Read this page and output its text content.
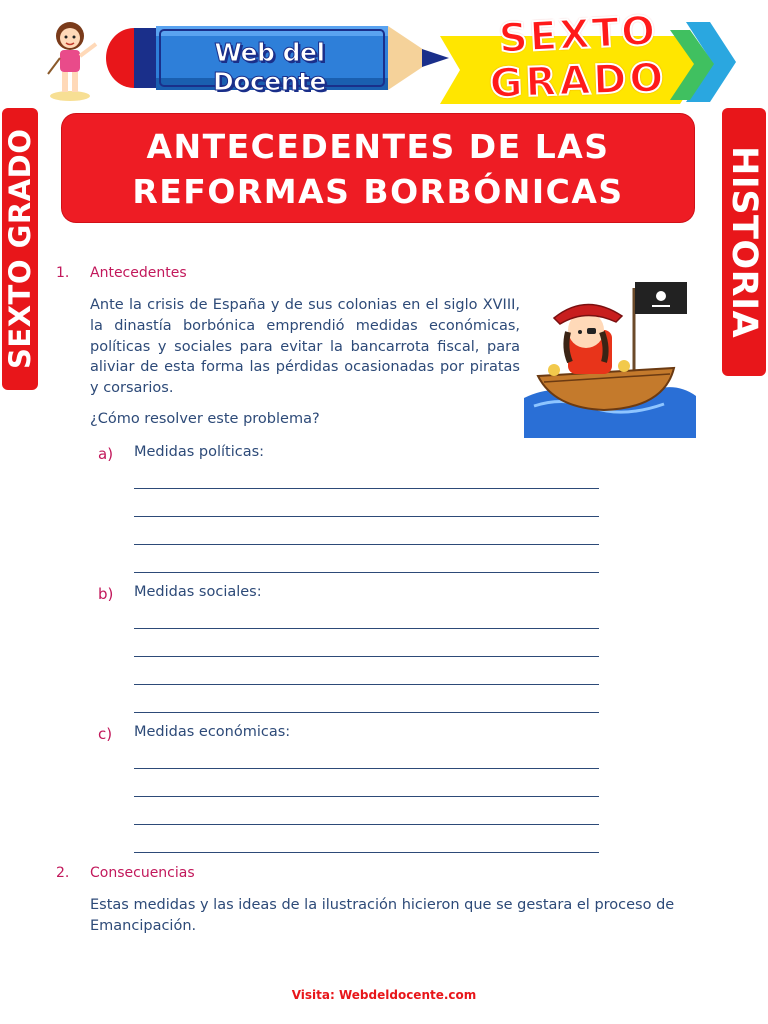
Web del Docente
SEXTO
GRADO
SEXTO GRADO	HISTORIA
ANTECEDENTES DE LAS
REFORMAS BORBÓNICAS
1. Antecedentes
Ante la crisis de España y de sus colonias en el siglo XVIII, la dinastía borbónica emprendió medidas económicas, políticas y sociales para evitar la bancarrota fiscal, para aliviar de esta forma las pérdidas ocasionadas por piratas y corsarios.
¿Cómo resolver este problema?
a) Medidas políticas:
b) Medidas sociales:
c) Medidas económicas:
2. Consecuencias
Estas medidas y las ideas de la ilustración hicieron que se gestara el proceso de Emancipación.
Visita: Webdeldocente.com
